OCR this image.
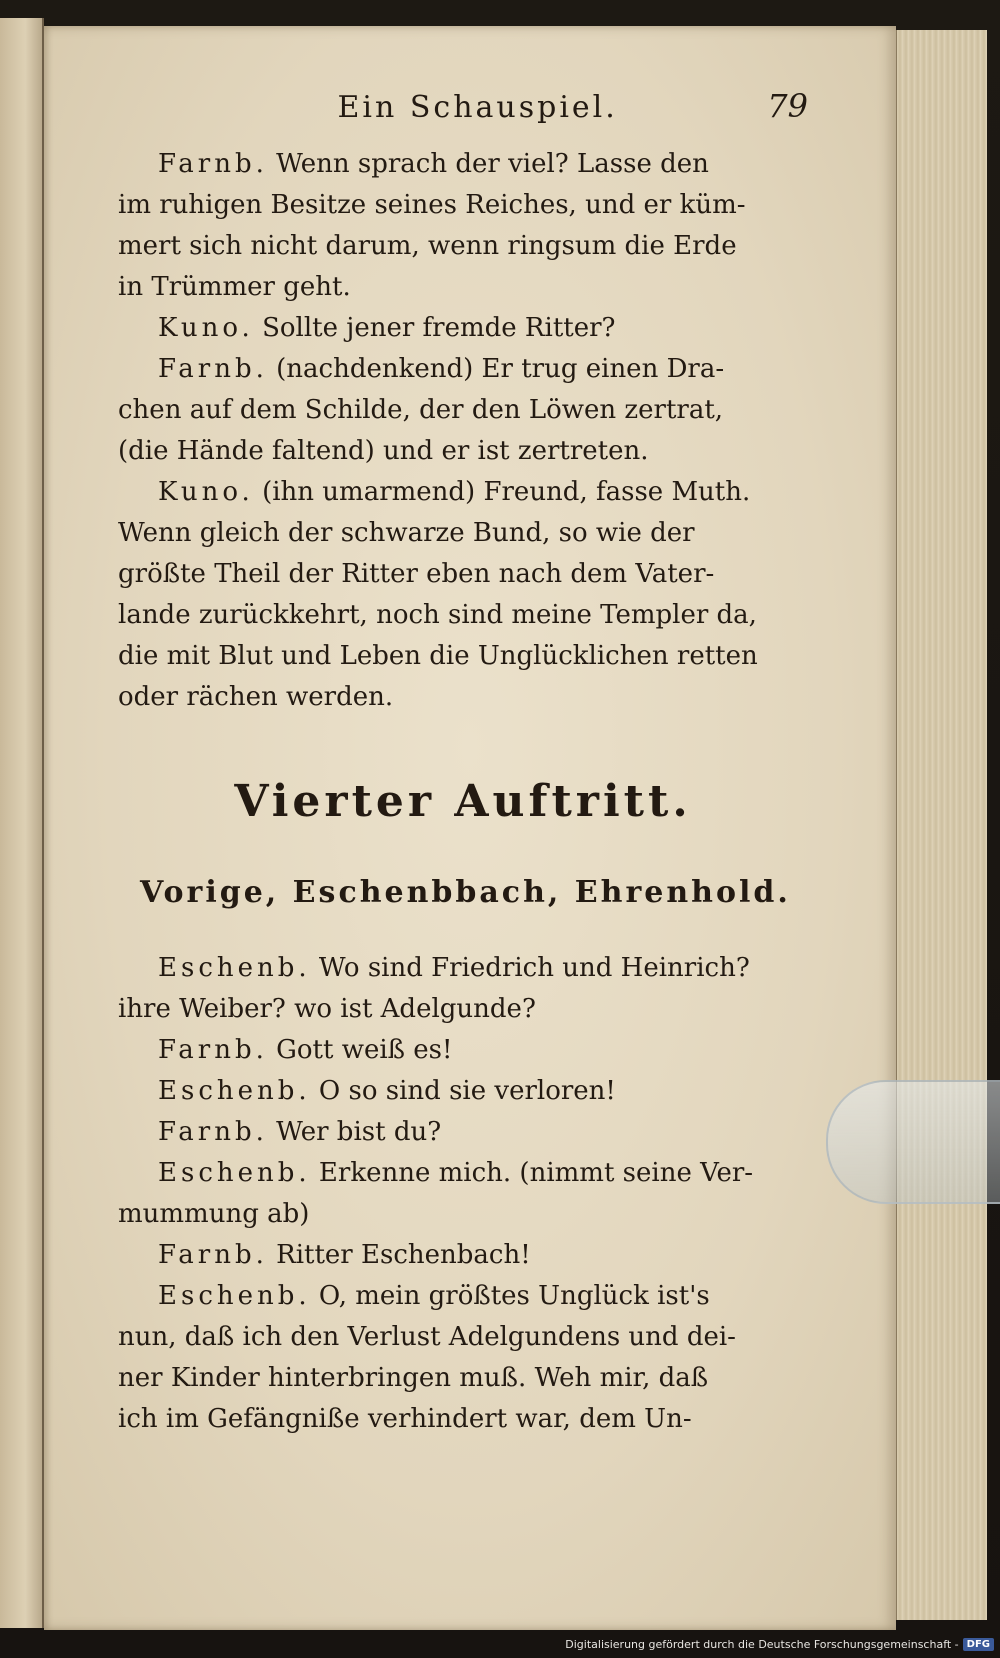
Ein Schauspiel.	79
Farnb. Wenn sprach der viel? Lasse den
im ruhigen Besitze seines Reiches, und er küm-
mert sich nicht darum, wenn ringsum die Erde
in Trümmer geht.
Kuno. Sollte jener fremde Ritter?
Farnb. (nachdenkend) Er trug einen Dra-
chen auf dem Schilde, der den Löwen zertrat,
(die Hände faltend) und er ist zertreten.
Kuno. (ihn umarmend) Freund, fasse Muth.
Wenn gleich der schwarze Bund, so wie der
größte Theil der Ritter eben nach dem Vater-
lande zurückkehrt, noch sind meine Templer da,
die mit Blut und Leben die Unglücklichen retten
oder rächen werden.
Vierter Auftritt.
Vorige, Eschenbbach, Ehrenhold.
Eschenb. Wo sind Friedrich und Heinrich?
ihre Weiber? wo ist Adelgunde?
Farnb. Gott weiß es!
Eschenb. O so sind sie verloren!
Farnb. Wer bist du?
Eschenb. Erkenne mich. (nimmt seine Ver-
mummung ab)
Farnb. Ritter Eschenbach!
Eschenb. O, mein größtes Unglück ist's
nun, daß ich den Verlust Adelgundens und dei-
ner Kinder hinterbringen muß. Weh mir, daß
ich im Gefängniße verhindert war, dem Un-
Digitalisierung gefördert durch die Deutsche Forschungsgemeinschaft - DFG
